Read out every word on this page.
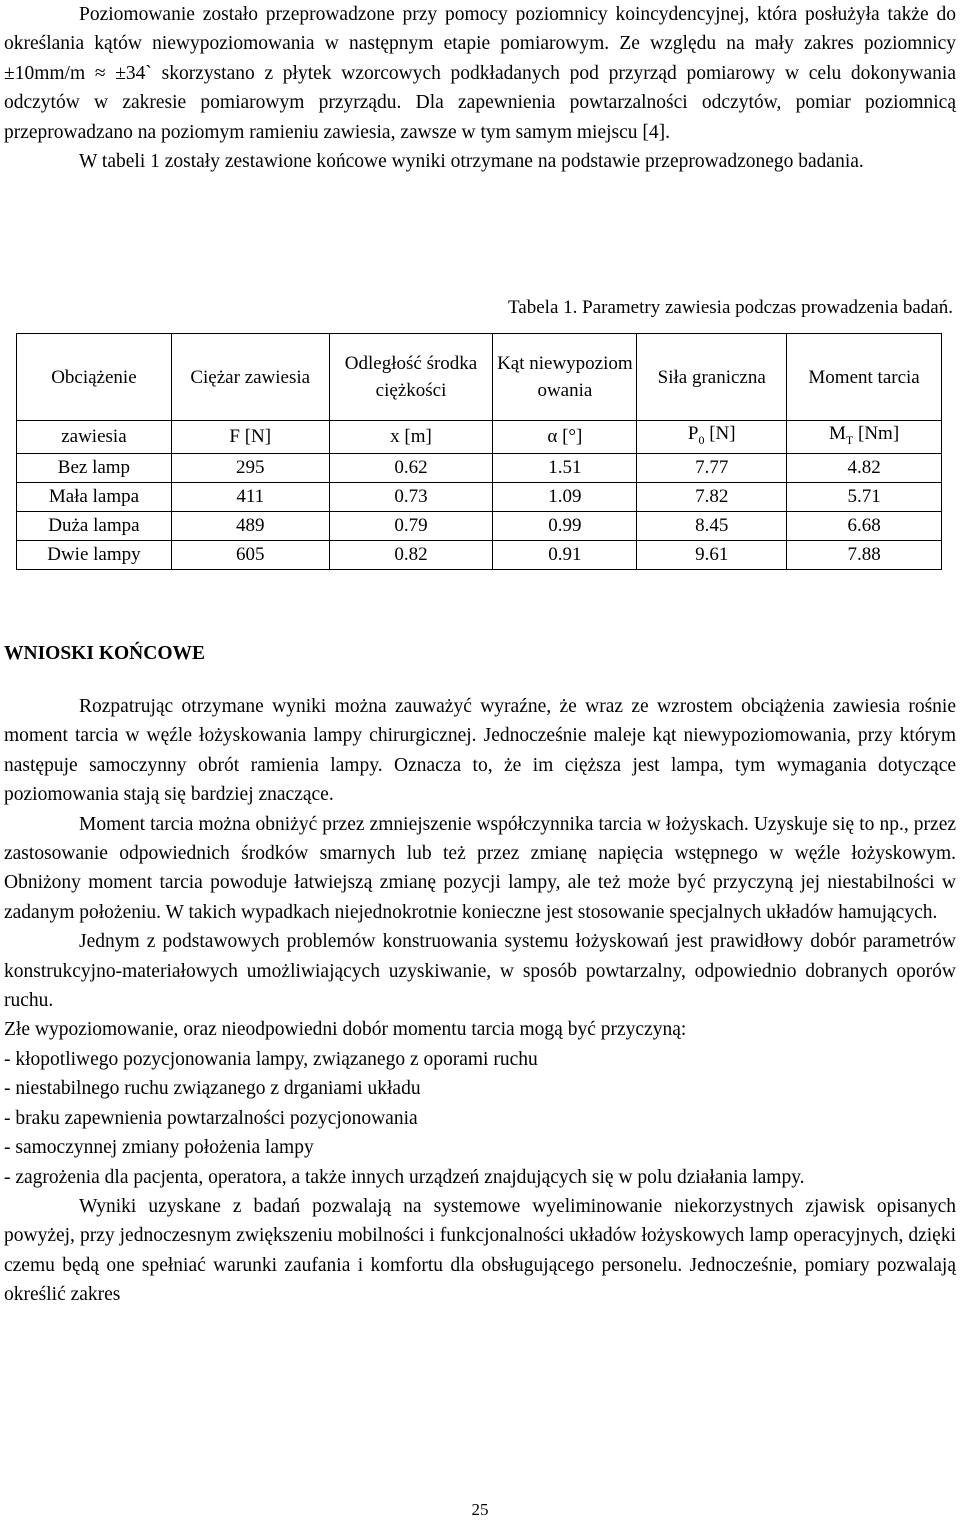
Poziomowanie zostało przeprowadzone przy pomocy poziomnicy koincydencyjnej, która posłużyła także do określania kątów niewypoziomowania w następnym etapie pomiarowym. Ze względu na mały zakres poziomnicy ±10mm/m ≈ ±34` skorzystano z płytek wzorcowych podkładanych pod przyrząd pomiarowy w celu dokonywania odczytów w zakresie pomiarowym przyrządu. Dla zapewnienia powtarzalności odczytów, pomiar poziomnicą przeprowadzano na poziomym ramieniu zawiesia, zawsze w tym samym miejscu [4].

W tabeli 1 zostały zestawione końcowe wyniki otrzymane na podstawie przeprowadzonego badania.

Tabela 1. Parametry zawiesia podczas prowadzenia badań.
Obciążenie	Ciężar zawiesia	Odległość środka ciężkości	Kąt niewypoziom owania	Siła graniczna	Moment tarcia
zawiesia	F [N]	x [m]	α [°]	$P_0$ [N]	$M_T$ [Nm]
Bez lamp	295	0.62	1.51	7.77	4.82
Mała lampa	411	0.73	1.09	7.82	5.71
Duża lampa	489	0.79	0.99	8.45	6.68
Dwie lampy	605	0.82	0.91	9.61	7.88
WNIOSKI KOŃCOWE

Rozpatrując otrzymane wyniki można zauważyć wyraźne, że wraz ze wzrostem obciążenia zawiesia rośnie moment tarcia w węźle łożyskowania lampy chirurgicznej. Jednocześnie maleje kąt niewypoziomowania, przy którym następuje samoczynny obrót ramienia lampy. Oznacza to, że im cięższa jest lampa, tym wymagania dotyczące poziomowania stają się bardziej znaczące.

Moment tarcia można obniżyć przez zmniejszenie współczynnika tarcia w łożyskach. Uzyskuje się to np., przez zastosowanie odpowiednich środków smarnych lub też przez zmianę napięcia wstępnego w węźle łożyskowym. Obniżony moment tarcia powoduje łatwiejszą zmianę pozycji lampy, ale też może być przyczyną jej niestabilności w zadanym położeniu. W takich wypadkach niejednokrotnie konieczne jest stosowanie specjalnych układów hamujących.

Jednym z podstawowych problemów konstruowania systemu łożyskowań jest prawidłowy dobór parametrów konstrukcyjno-materiałowych umożliwiających uzyskiwanie, w sposób powtarzalny, odpowiednio dobranych oporów ruchu.

Złe wypoziomowanie, oraz nieodpowiedni dobór momentu tarcia mogą być przyczyną:

- kłopotliwego pozycjonowania lampy, związanego z oporami ruchu

- niestabilnego ruchu związanego z drganiami układu

- braku zapewnienia powtarzalności pozycjonowania

- samoczynnej zmiany położenia lampy

- zagrożenia dla pacjenta, operatora, a także innych urządzeń znajdujących się w polu działania lampy.

Wyniki uzyskane z badań pozwalają na systemowe wyeliminowanie niekorzystnych zjawisk opisanych powyżej, przy jednoczesnym zwiększeniu mobilności i funkcjonalności układów łożyskowych lamp operacyjnych, dzięki czemu będą one spełniać warunki zaufania i komfortu dla obsługującego personelu. Jednocześnie, pomiary pozwalają określić zakres

25
